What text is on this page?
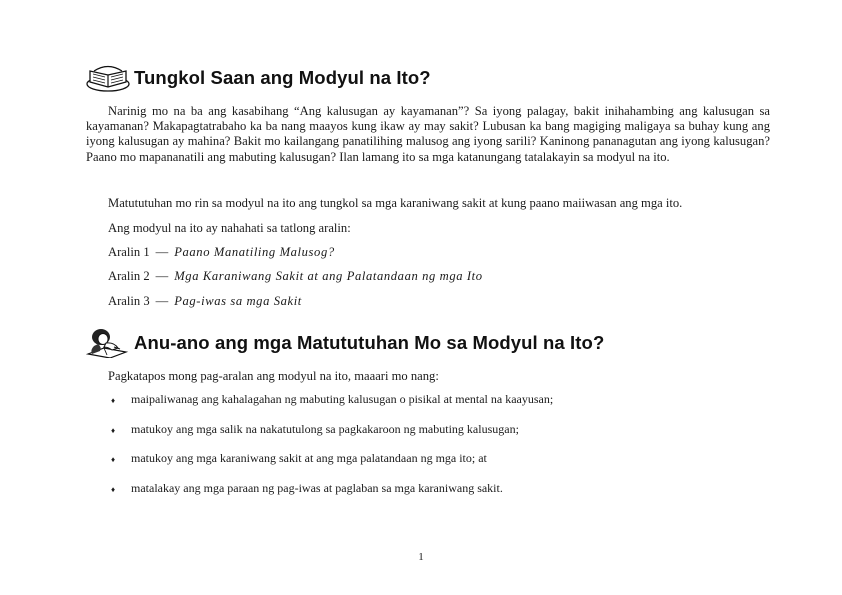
Tungkol Saan ang Modyul na Ito?

Narinig mo na ba ang kasabihang “Ang kalusugan ay kayamanan”? Sa iyong palagay, bakit inihahambing ang kalusugan sa kayamanan? Makapagtatrabaho ka ba nang maayos kung ikaw ay may sakit? Lubusan ka bang magiging maligaya sa buhay kung ang iyong kalusugan ay mahina? Bakit mo kailangang panatilihing malusog ang iyong sarili? Kaninong pananagutan ang iyong kalusugan? Paano mo mapananatili ang mabuting kalusugan? Ilan lamang ito sa mga katanungang tatalakayin sa modyul na ito.

Matututuhan mo rin sa modyul na ito ang tungkol sa mga karaniwang sakit at kung paano maiiwasan ang mga ito.

Ang modyul na ito ay nahahati sa tatlong aralin:

Aralin 1 — Paano Manatiling Malusog?
Aralin 2 — Mga Karaniwang Sakit at ang Palatandaan ng mga Ito
Aralin 3 — Pag-iwas sa mga Sakit
Anu-ano ang mga Matututuhan Mo sa Modyul na Ito?
Pagkatapos mong pag-aralan ang modyul na ito, maaari mo nang:
♦	maipaliwanag ang kahalagahan ng mabuting kalusugan o pisikal at mental na kaayusan;
♦	matukoy ang mga salik na nakatutulong sa pagkakaroon ng mabuting kalusugan;
♦	matukoy ang mga karaniwang sakit at ang mga palatandaan ng mga ito; at
♦	matalakay ang mga paraan ng pag-iwas at paglaban sa mga karaniwang sakit.
1
